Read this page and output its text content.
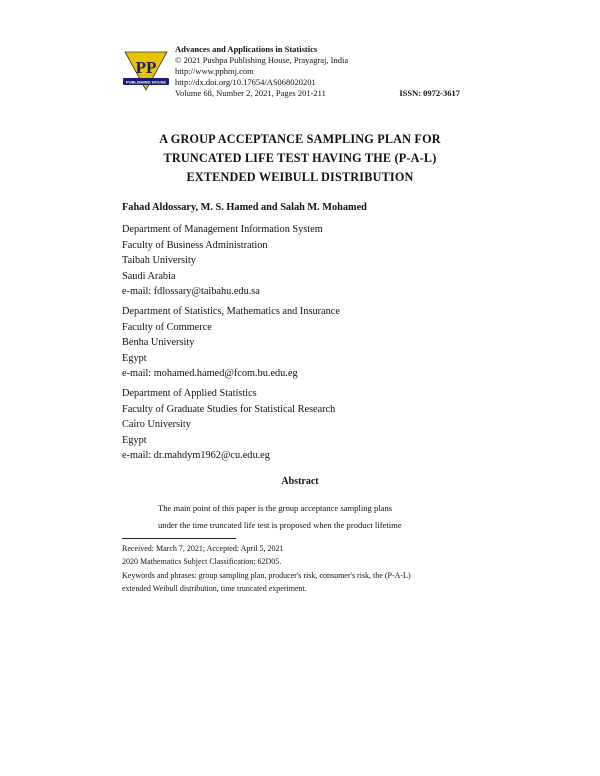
PP
PUBLISHING HOUSE
Advances and Applications in Statistics
© 2021 Pushpa Publishing House, Prayagraj, India
http://www.pphmj.com
http://dx.doi.org/10.17654/AS068020201
Volume 68, Number 2, 2021, Pages 201-211	ISSN: 0972-3617
A GROUP ACCEPTANCE SAMPLING PLAN FOR
TRUNCATED LIFE TEST HAVING THE (P-A-L)
EXTENDED WEIBULL DISTRIBUTION
Fahad Aldossary, M. S. Hamed and Salah M. Mohamed
Department of Management Information System
Faculty of Business Administration
Taibah University
Saudi Arabia
e-mail: fdlossary@taibahu.edu.sa
Department of Statistics, Mathematics and Insurance
Faculty of Commerce
Benha University
Egypt
e-mail: mohamed.hamed@fcom.bu.edu.eg
Department of Applied Statistics
Faculty of Graduate Studies for Statistical Research
Cairo University
Egypt
e-mail: dr.mahdym1962@cu.edu.eg
Abstract
The main point of this paper is the group acceptance sampling plans
under the time truncated life test is proposed when the product lifetime
Received: March 7, 2021; Accepted: April 5, 2021
2020 Mathematics Subject Classification: 62D05.
Keywords and phrases: group sampling plan, producer's risk, consumer's risk, the (P-A-L)
extended Weibull distribution, time truncated experiment.
